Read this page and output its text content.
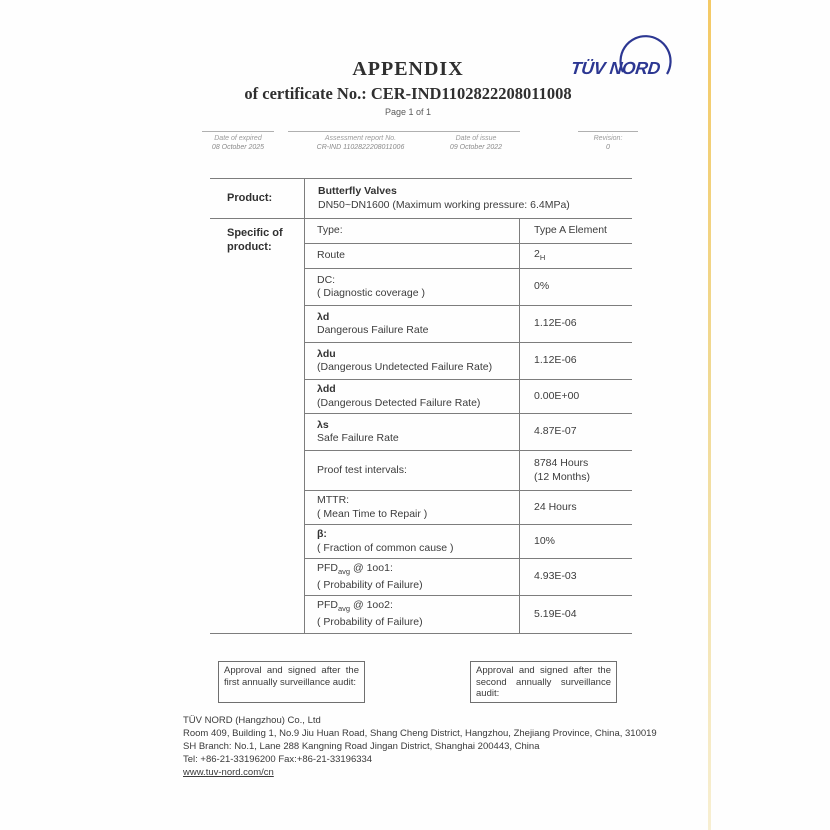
TÜV NORD
APPENDIX
of certificate No.: CER-IND1102822208011008
Page 1 of 1
Date of expired
08 October 2025
Assessment report No.
CR-IND 1102822208011006
Date of issue
09 October 2022
Revision:
0
Product:
Butterfly Valves
DN50~DN1600 (Maximum working pressure: 6.4MPa)
Specific of
product:
Type:	Type A Element
Route	$2_H$
DC:
( Diagnostic coverage )
0%
λd
Dangerous Failure Rate
1.12E-06
λdu
(Dangerous Undetected Failure Rate)
1.12E-06
λdd
(Dangerous Detected Failure Rate)
0.00E+00
λs
Safe Failure Rate
4.87E-07
Proof test intervals:
8784 Hours
(12 Months)
MTTR:
( Mean Time to Repair )
24 Hours
β:
( Fraction of common cause )
10%
$PFD_{avg}$ @ 1oo1:
( Probability of Failure)
4.93E-03
$PFD_{avg}$ @ 1oo2:
( Probability of Failure)
5.19E-04
Approval and signed after the first annually surveillance audit:
Approval and signed after the second annually surveillance audit:
TÜV NORD (Hangzhou) Co., Ltd
Room 409, Building 1, No.9 Jiu Huan Road, Shang Cheng District, Hangzhou, Zhejiang Province, China, 310019
SH Branch: No.1, Lane 288 Kangning Road Jingan District, Shanghai 200443, China
Tel: +86-21-33196200 Fax:+86-21-33196334
www.tuv-nord.com/cn
